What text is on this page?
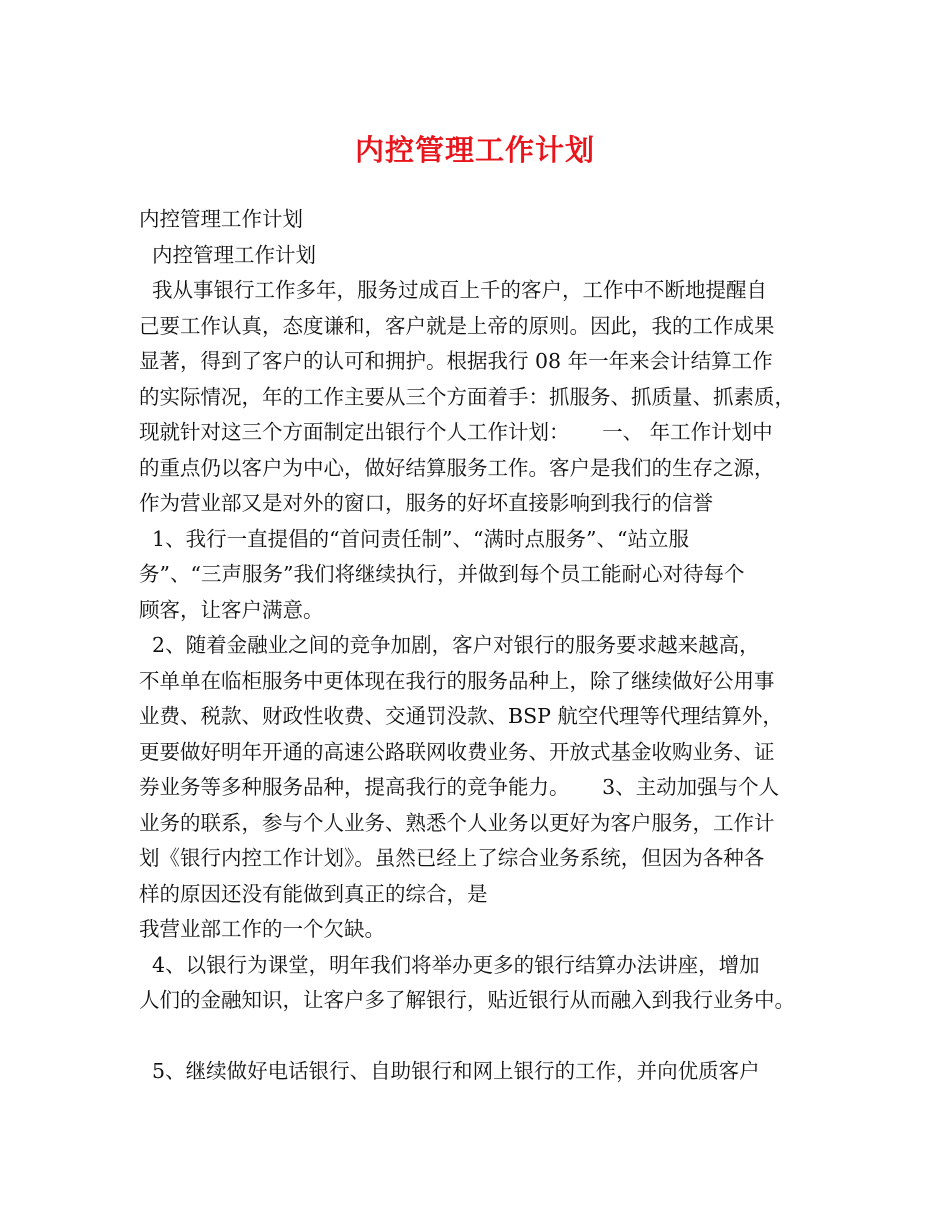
内控管理工作计划
内控管理工作计划
内控管理工作计划
我从事银行工作多年，服务过成百上千的客户，工作中不断地提醒自
己要工作认真，态度谦和，客户就是上帝的原则。因此，我的工作成果
显著，得到了客户的认可和拥护。根据我行 08 年一年来会计结算工作
的实际情况，年的工作主要从三个方面着手：抓服务、抓质量、抓素质，
现就针对这三个方面制定出银行个人工作计划：     一、 年工作计划中
的重点仍以客户为中心，做好结算服务工作。客户是我们的生存之源，
作为营业部又是对外的窗口，服务的好坏直接影响到我行的信誉
1、我行一直提倡的“首问责任制”、“满时点服务”、“站立服
务”、“三声服务”我们将继续执行，并做到每个员工能耐心对待每个
顾客，让客户满意。
2、随着金融业之间的竞争加剧，客户对银行的服务要求越来越高，
不单单在临柜服务中更体现在我行的服务品种上，除了继续做好公用事
业费、税款、财政性收费、交通罚没款、BSP 航空代理等代理结算外，
更要做好明年开通的高速公路联网收费业务、开放式基金收购业务、证
券业务等多种服务品种，提高我行的竞争能力。     3、主动加强与个人
业务的联系，参与个人业务、熟悉个人业务以更好为客户服务，工作计
划《银行内控工作计划》。虽然已经上了综合业务系统，但因为各种各
样的原因还没有能做到真正的综合，是
我营业部工作的一个欠缺。
4、以银行为课堂，明年我们将举办更多的银行结算办法讲座，增加
人们的金融知识，让客户多了解银行，贴近银行从而融入到我行业务中。
5、继续做好电话银行、自助银行和网上银行的工作，并向优质客户
